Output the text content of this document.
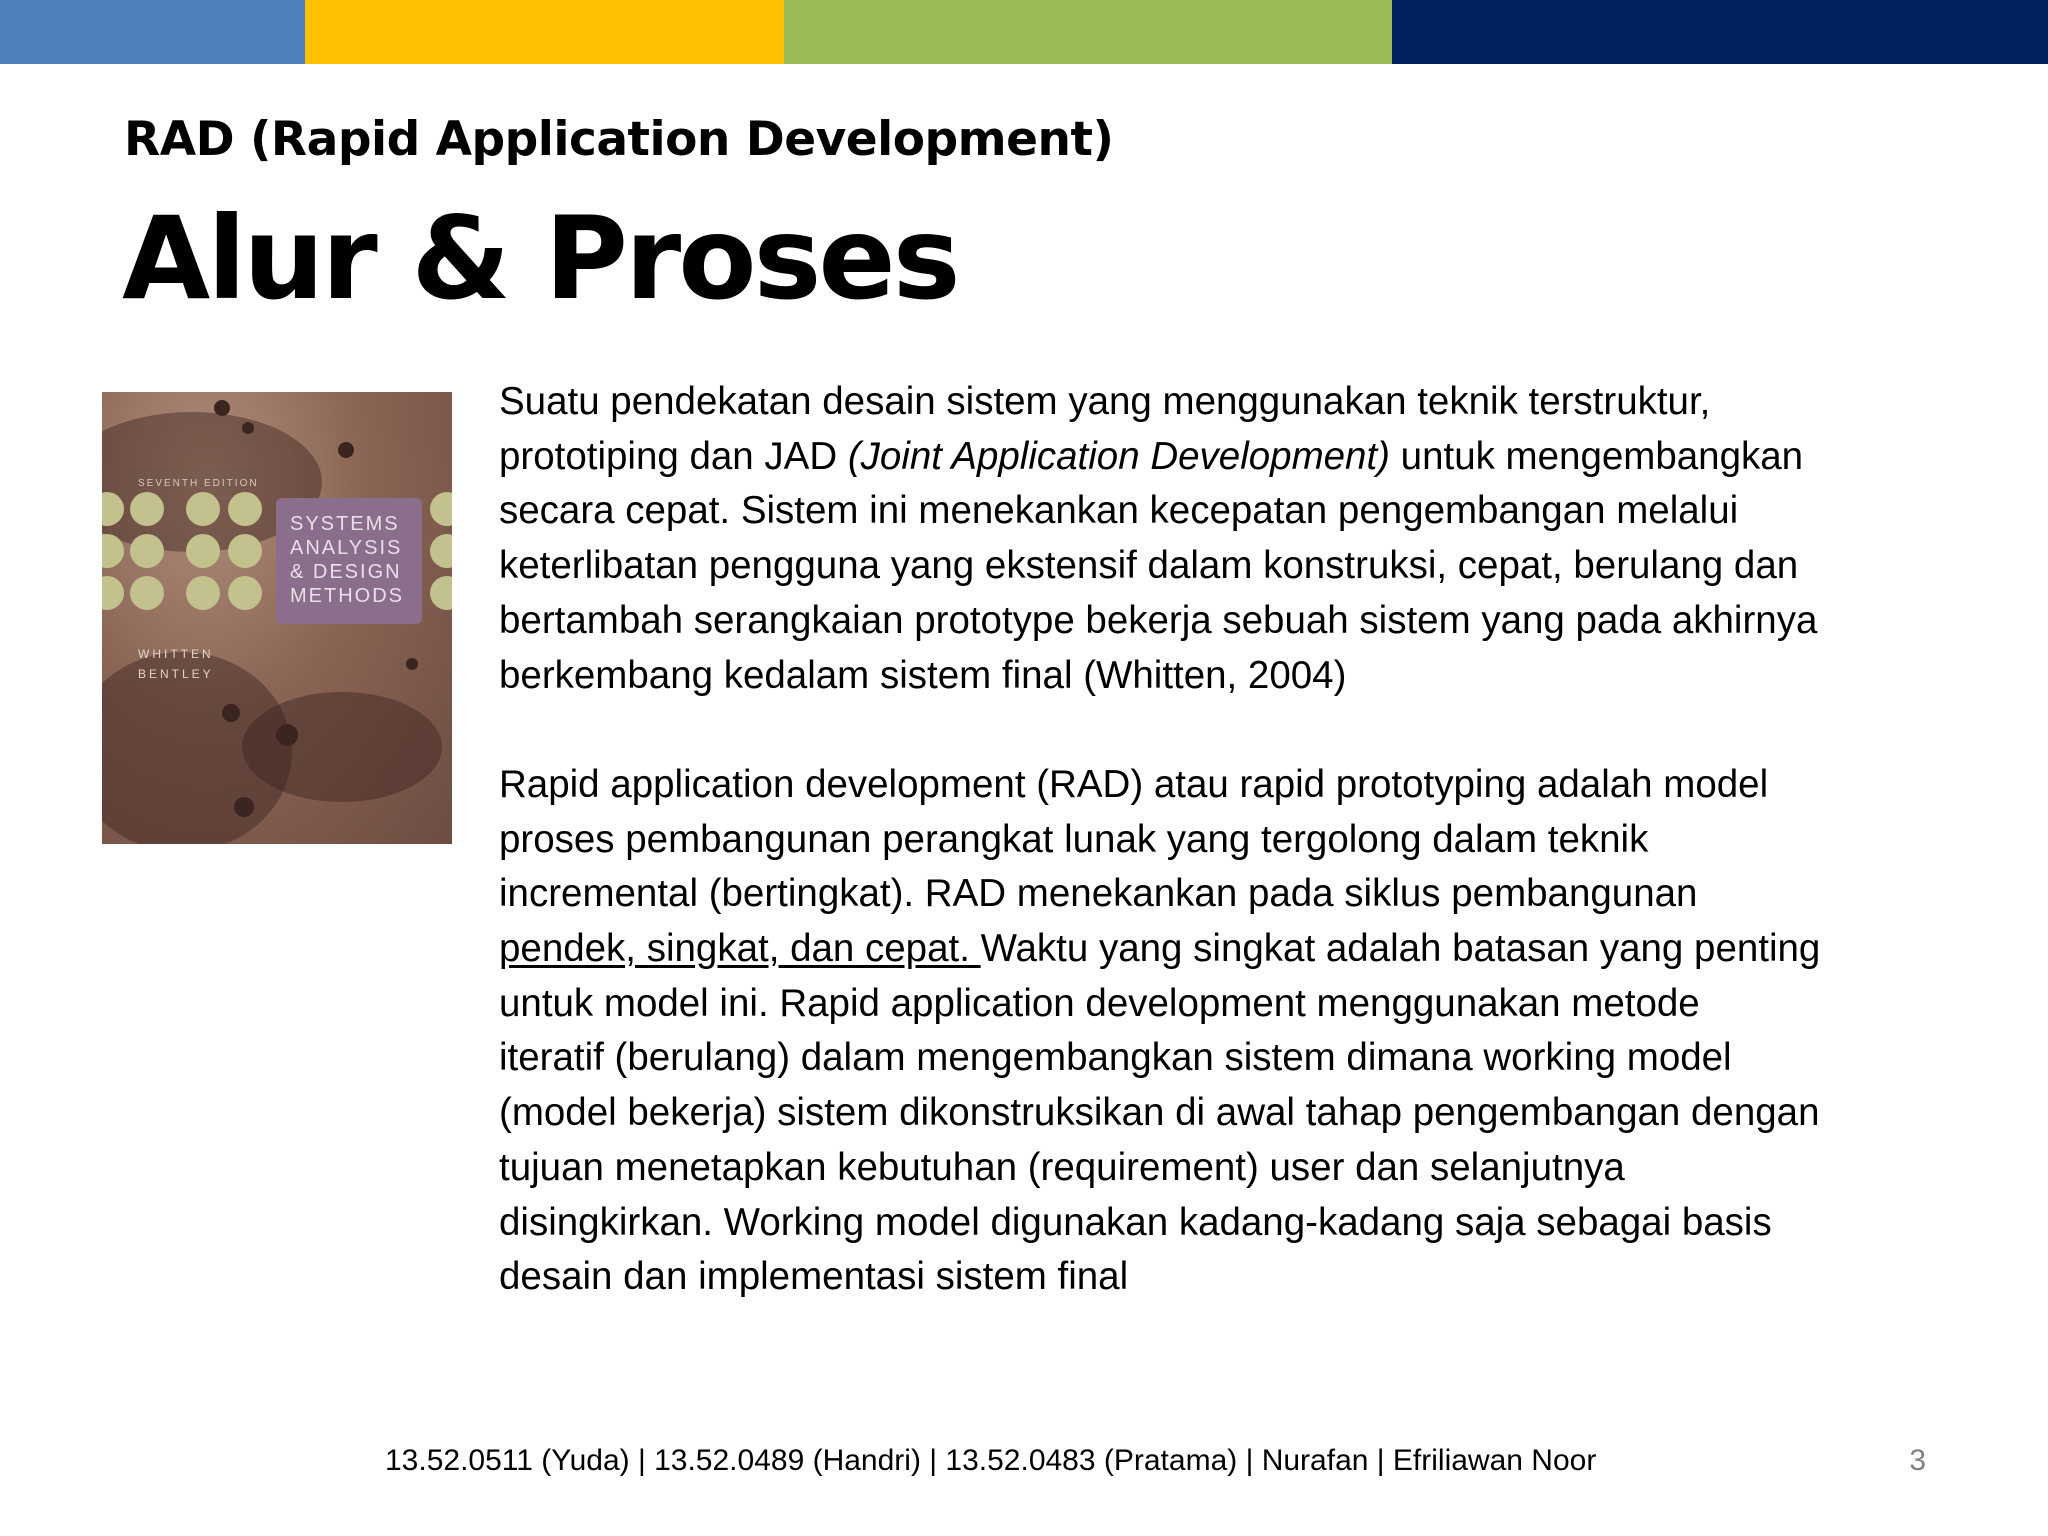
RAD (Rapid Application Development)
Alur & Proses
SEVENTH EDITION
SYSTEMS
ANALYSIS
& DESIGN
METHODS
WHITTEN
BENTLEY

Suatu pendekatan desain sistem yang menggunakan teknik terstruktur,
prototiping dan JAD (Joint Application Development) untuk mengembangkan
secara cepat. Sistem ini menekankan kecepatan pengembangan melalui
keterlibatan pengguna yang ekstensif dalam konstruksi, cepat, berulang dan
bertambah serangkaian prototype bekerja sebuah sistem yang pada akhirnya
berkembang kedalam sistem final (Whitten, 2004)

Rapid application development (RAD) atau rapid prototyping adalah model
proses pembangunan perangkat lunak yang tergolong dalam teknik
incremental (bertingkat). RAD menekankan pada siklus pembangunan
pendek, singkat, dan cepat. Waktu yang singkat adalah batasan yang penting
untuk model ini. Rapid application development menggunakan metode
iteratif (berulang) dalam mengembangkan sistem dimana working model
(model bekerja) sistem dikonstruksikan di awal tahap pengembangan dengan
tujuan menetapkan kebutuhan (requirement) user dan selanjutnya
disingkirkan. Working model digunakan kadang-kadang saja sebagai basis
desain dan implementasi sistem final

13.52.0511 (Yuda) | 13.52.0489 (Handri) | 13.52.0483 (Pratama) | Nurafan | Efriliawan Noor	3
